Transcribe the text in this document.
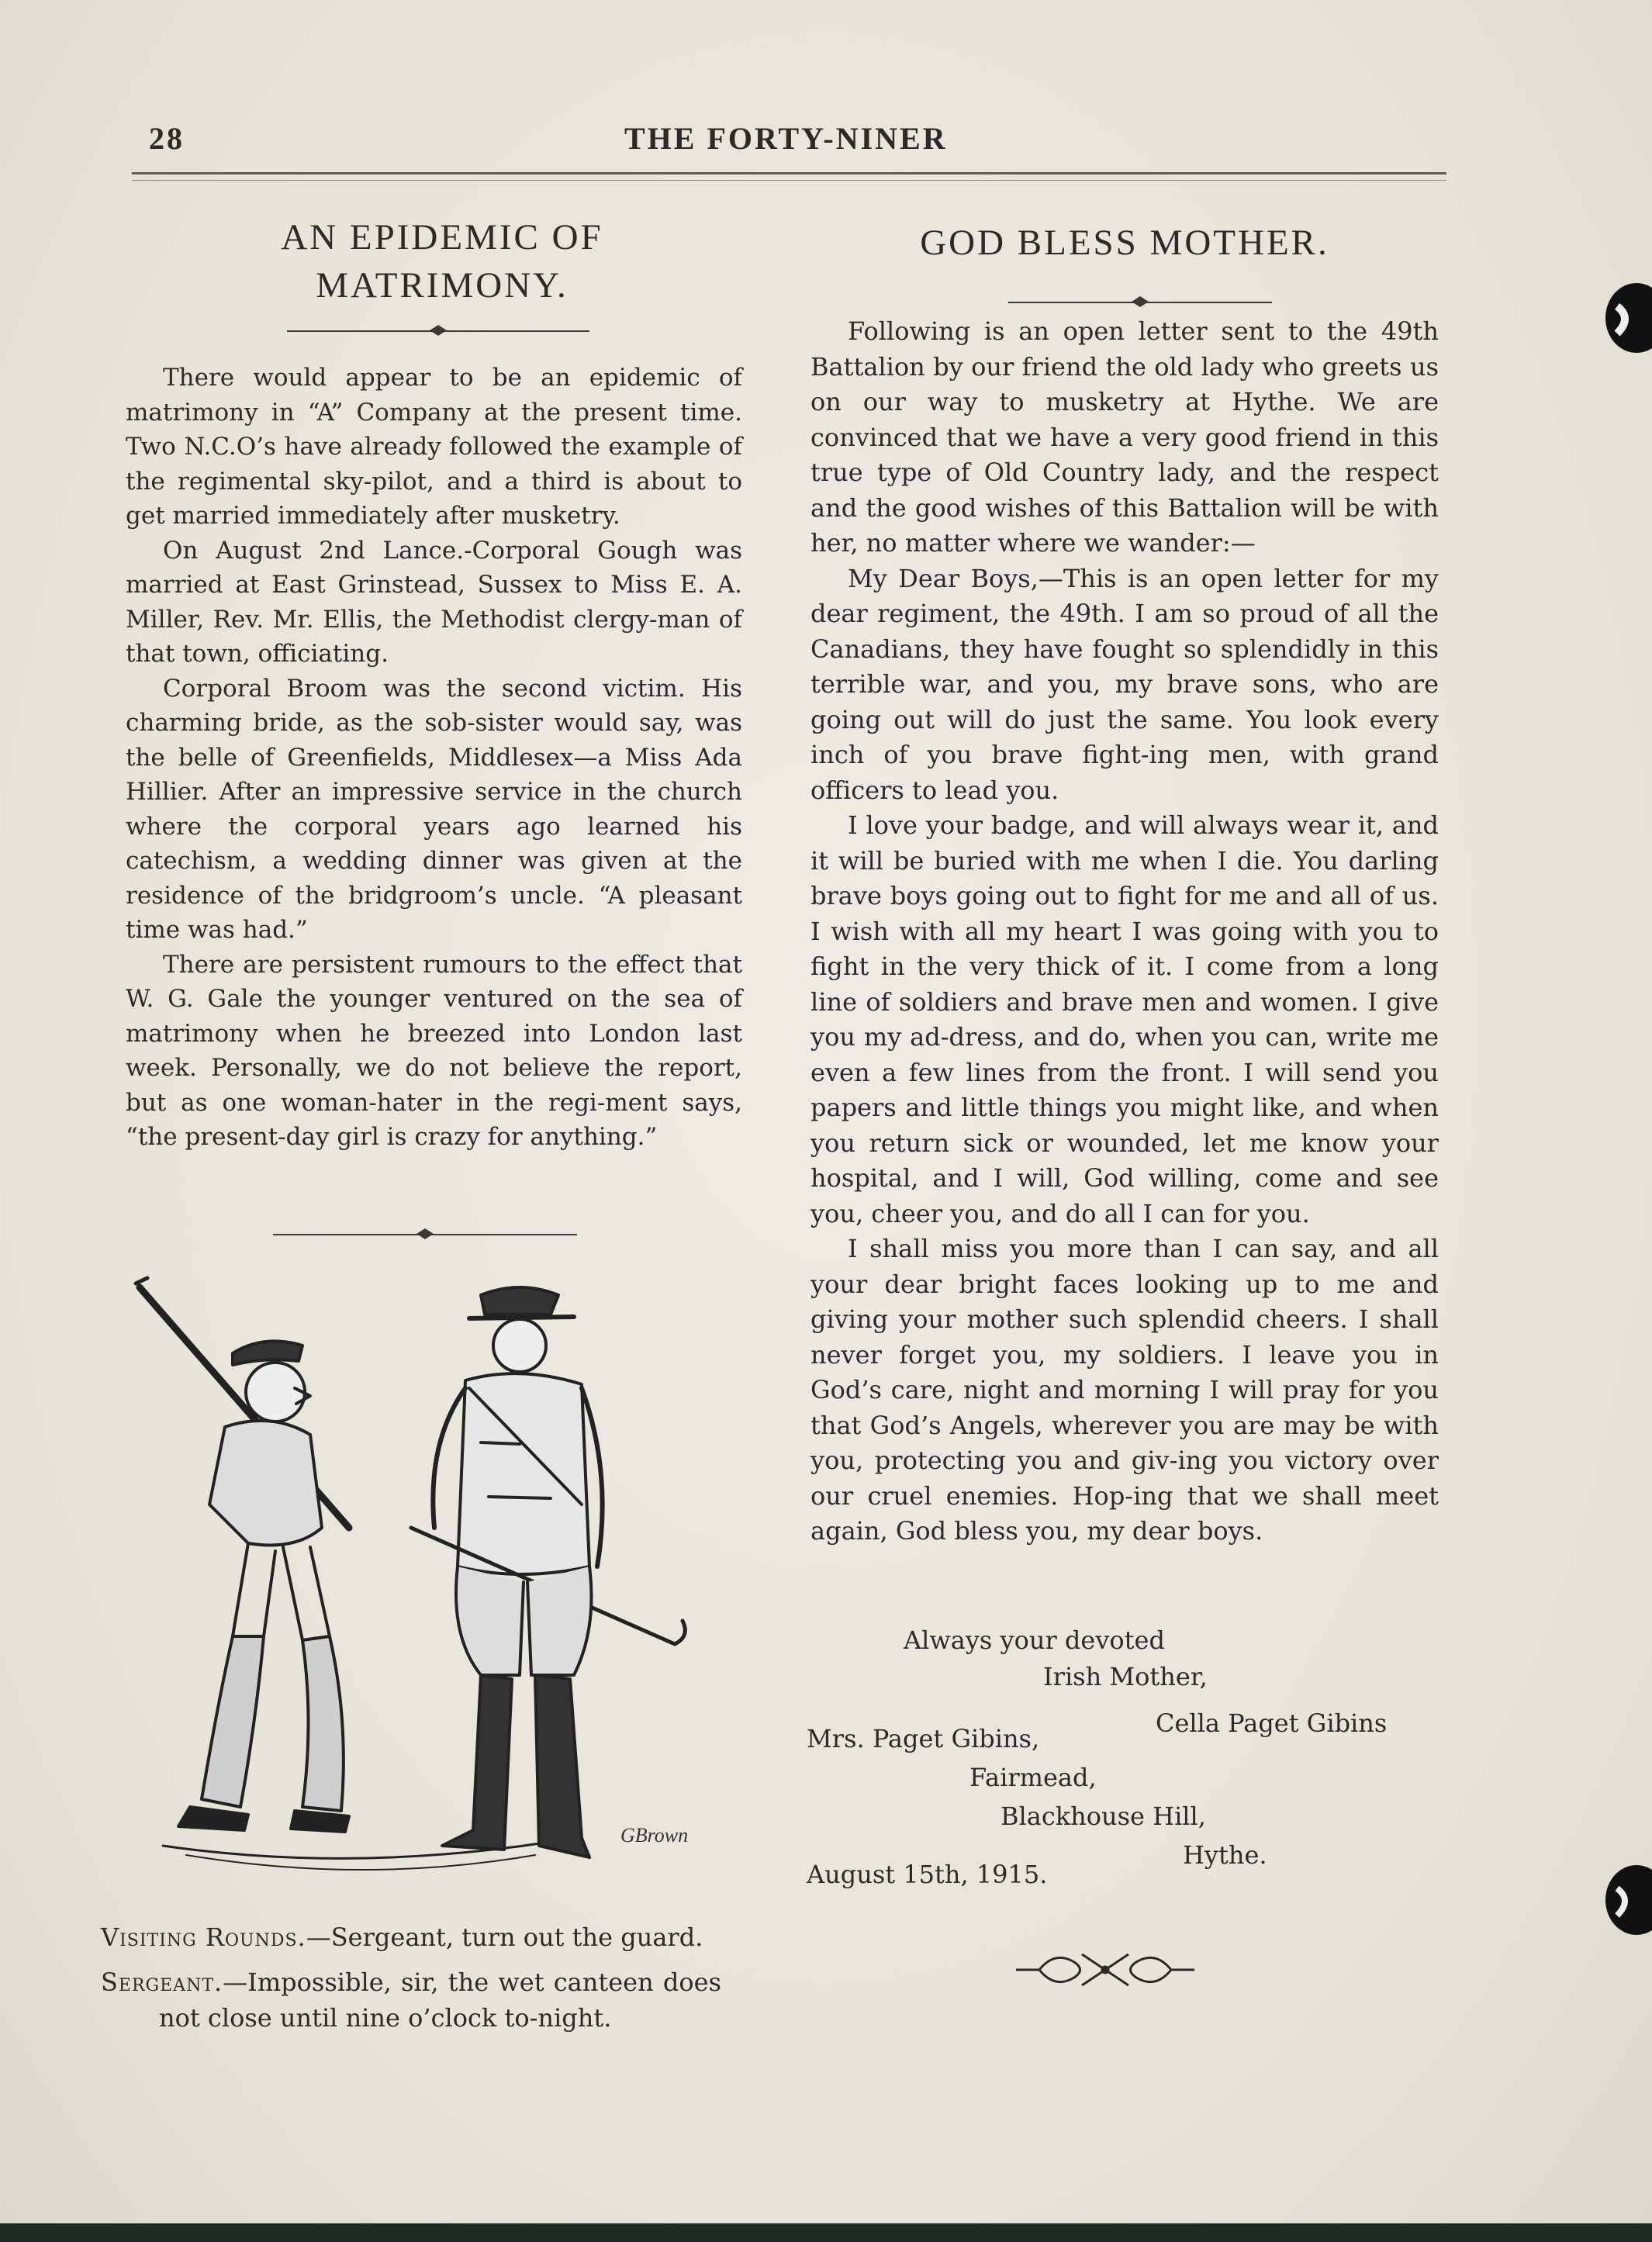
28	THE FORTY-NINER
AN EPIDEMIC OF
MATRIMONY.

There would appear to be an epidemic of matrimony in “A” Company at the present time. Two N.C.O’s have already followed the example of the regimental sky-pilot, and a third is about to get married immediately after musketry.

On August 2nd Lance.-Corporal Gough was married at East Grinstead, Sussex to Miss E. A. Miller, Rev. Mr. Ellis, the Methodist clergy-man of that town, officiating.

Corporal Broom was the second victim. His charming bride, as the sob-sister would say, was the belle of Greenfields, Middlesex—a Miss Ada Hillier. After an impressive service in the church where the corporal years ago learned his catechism, a wedding dinner was given at the residence of the bridgroom’s uncle. “A pleasant time was had.”

There are persistent rumours to the effect that W. G. Gale the younger ventured on the sea of matrimony when he breezed into London last week. Personally, we do not believe the report, but as one woman-hater in the regi-ment says, “the present-day girl is crazy for anything.”

GBrown

Visiting Rounds.—Sergeant, turn out the guard.

Sergeant.—Impossible, sir, the wet canteen does not close until nine o’clock to-night.

GOD BLESS MOTHER.

Following is an open letter sent to the 49th Battalion by our friend the old lady who greets us on our way to musketry at Hythe. We are convinced that we have a very good friend in this true type of Old Country lady, and the respect and the good wishes of this Battalion will be with her, no matter where we wander:—

My Dear Boys,—This is an open letter for my dear regiment, the 49th. I am so proud of all the Canadians, they have fought so splendidly in this terrible war, and you, my brave sons, who are going out will do just the same. You look every inch of you brave fight-ing men, with grand officers to lead you.

I love your badge, and will always wear it, and it will be buried with me when I die. You darling brave boys going out to fight for me and all of us. I wish with all my heart I was going with you to fight in the very thick of it. I come from a long line of soldiers and brave men and women. I give you my ad-dress, and do, when you can, write me even a few lines from the front. I will send you papers and little things you might like, and when you return sick or wounded, let me know your hospital, and I will, God willing, come and see you, cheer you, and do all I can for you.

I shall miss you more than I can say, and all your dear bright faces looking up to me and giving your mother such splendid cheers. I shall never forget you, my soldiers. I leave you in God’s care, night and morning I will pray for you that God’s Angels, wherever you are may be with you, protecting you and giv-ing you victory over our cruel enemies. Hop-ing that we shall meet again, God bless you, my dear boys.

Always your devoted
Irish Mother,
Cella Paget Gibins
Mrs. Paget Gibins,
Fairmead,
Blackhouse Hill,
Hythe.
August 15th, 1915.
